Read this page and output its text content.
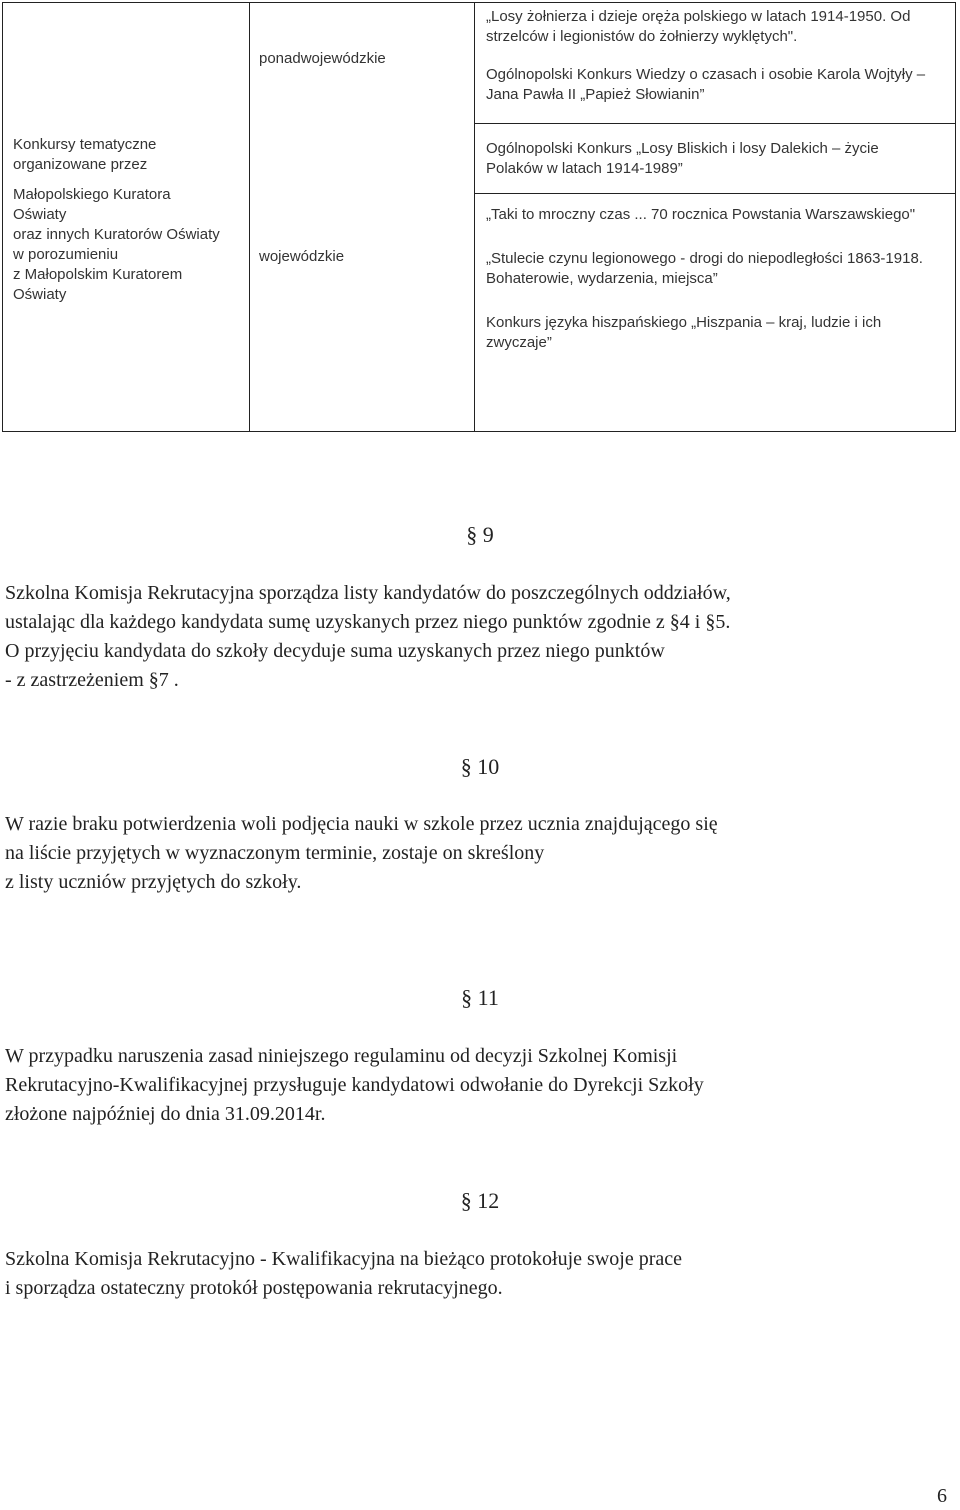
Konkursy tematyczne
organizowane przez
Małopolskiego Kuratora
Oświaty
oraz innych Kuratorów Oświaty
w porozumieniu
z Małopolskim Kuratorem
Oświaty
ponadwojewódzkie
wojewódzkie

„Losy żołnierza i dzieje oręża polskiego w latach 1914-1950. Od

strzelców i legionistów do żołnierzy wyklętych".

Ogólnopolski Konkurs Wiedzy o czasach i osobie Karola Wojtyły –

Jana Pawła II „Papież Słowianin”

Ogólnopolski Konkurs „Losy Bliskich i losy Dalekich – życie

Polaków w latach 1914-1989”

„Taki to mroczny czas ... 70 rocznica Powstania Warszawskiego"

„Stulecie czynu legionowego - drogi do niepodległości 1863-1918.

Bohaterowie, wydarzenia, miejsca”

Konkurs języka hiszpańskiego „Hiszpania – kraj, ludzie i ich

zwyczaje”

§ 9
Szkolna Komisja Rekrutacyjna sporządza listy kandydatów do poszczególnych oddziałów,
ustalając dla każdego kandydata sumę uzyskanych przez niego punktów zgodnie z §4 i §5.
O przyjęciu kandydata do szkoły decyduje suma uzyskanych przez niego punktów
- z zastrzeżeniem §7 .
§ 10
W razie braku potwierdzenia woli podjęcia nauki w szkole przez ucznia znajdującego się
na liście przyjętych w wyznaczonym terminie, zostaje on skreślony
z listy uczniów przyjętych do szkoły.
§ 11
W przypadku naruszenia zasad niniejszego regulaminu od decyzji Szkolnej Komisji
Rekrutacyjno-Kwalifikacyjnej przysługuje kandydatowi odwołanie do Dyrekcji Szkoły
złożone najpóźniej do dnia 31.09.2014r.
§ 12
Szkolna Komisja Rekrutacyjno - Kwalifikacyjna na bieżąco protokołuje swoje prace
i sporządza ostateczny protokół postępowania rekrutacyjnego.
6
